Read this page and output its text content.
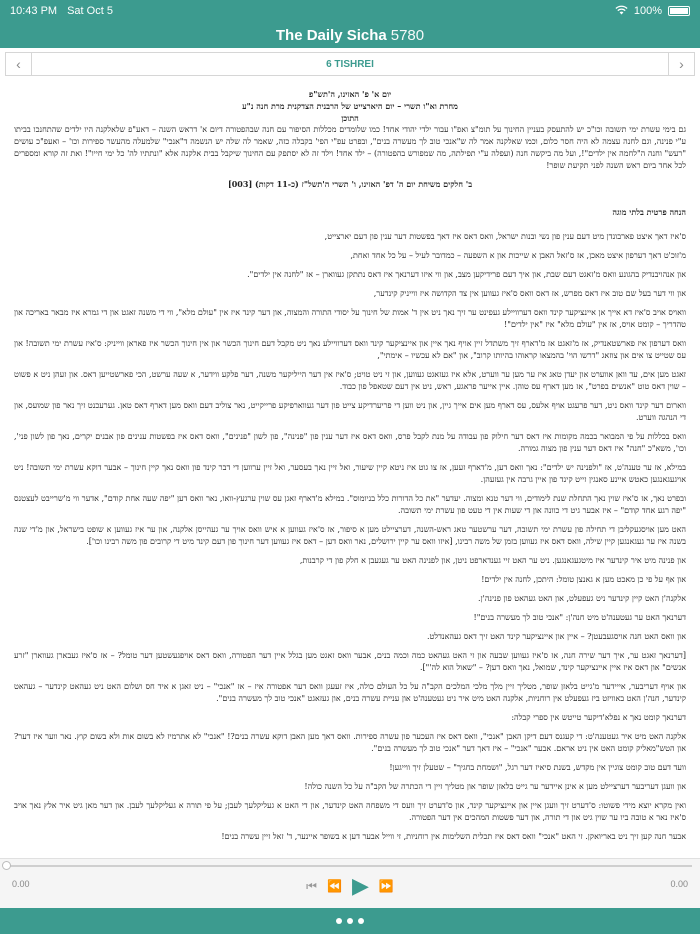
10:43 PM Sat Oct 5	100%
The Daily Sicha 5780
‹	6 TISHREI	›
יום א' פ' האזינו, ה'תש"פ
מחרת וא"ו תשרי – יום היארצייט של הרבנית הצדקנית מרת חנה נ"ע
התוכן

גם בימי עשרת ימי תשובה וכו"כ יש להתעסק בעניין החינוך על תומ"צ ואפ"ו עבור ילדי יהודי אחד! כמו שלומדים מכללות הסיפור עם חנה שבהפטורה דיום א' דראש השנה – דאע"פ שלאלקנה היו ילדים שהתחנכו בביתו ע"י פנינה, וגם לחנה עצמה לא היה חסר כלום, וכמו שאלקנה אמר לה ש"אנכי טוב לך מעשרה בנים", ובפרט עפ"י הפי' בקבלה כזה, שאמר לה שלה יש הנשמה ד"אנכי" שלמעלה מהעשר ספירות וכו' – ואעפ"כ עושים "רעש" וחנה ה"לחמה אין ילדים"!, ועל מה ביקשה חנה (ועפלה ע"י תפילתה, מה שמפורש בהפטורה) – ילד אחד! וילד זה לא יסתפק עם החינוך שיקבל בבית אלקנה אלא "ונתתיו לה' כל ימי חייו"! ואת זה קורא ומספרים לכל אחד ביום ראש השנה לפני תקיעת שופר!

ב' חלקים משיחת יום ה' דפ' האזינו, ו' תשרי ה'תשל"ז (כ-11 דקות) [003]

הנחה פרטית בלתי מוגה

ס'איז דאך איצט פארבונדן מיט דעם ענין פון נשי ובנות ישראל, וואס דאס איז דאך בפשטות דער ענין פון דעם יארצייט,

מ'זוכ'ט דאך דערפון איצט מאכן, אז ס'זאל האבן א שייכות און א השפעה – כמדובר לעיל – על כל אחד ואחת,

און אנהויבנדיק בהגונע וואס מ'זאגט דעם שבת, און איך דעם פרידיקען מצב, און ווי איזו דערנאך איז דאס נתתקן געווארן – אז "לחנה אין ילדים".

און ווי דער בעל שם טוב איז דאס מפרש, אז דאס וואס ס'איז געווען אין צד הקדושה איז ווייניק קינדער,

וואויס אויב ס'איז דא אייך אן איינציקער קינד וואס דערוויילע געפינט ער זיך נאך ניט אין ד' אמות של חינוך על יסודי התורה והמצוה, און דער קינד איז אין "עולם מלא", ווי די משנה זאגט און די גמרא איז מבאר באריכה און טהדריך – קומט אויס, אז אין "עולם מלא" איז "אין ילדים"!

וואס דערפון איז פארשטאנדיק, אז מ'זאגט אז מ'דארף זיך משתדל זיין אויף נאך איין און איינציקער קינד וואס דערוויילע נאך ניט מקבל דעם חינוך הכשר און אין חינוך הכשר איז פאראן ווייניק: ס'איז עשרת ימי תשובה! און עס שטייט צו אים און צוזאג "דרשו הוי' בהמצאו קראוהו בהיותו קרוב", און "אם לא עכשיו – אימתי",

זאגט מען אים, עד וואן אווערט און יעדן טאג איז ער מען ער ווערט, אלא איז געזאגט געווען, און זי ניט טויט; ס'איז אין דער הייליקער משנה, דער פלקע ווידער, א שעה ערשט, הכי פארשטייען דאס. און זעהן ניט א פשוט – שוין דאס טוט "אנשים בפרט", אז מען דארף עס טוהן. איין אייער פראגע, ראש, ניט אין דעם שטאפל פון כבוד.

ווארום דער קינד וואס ניט, דער פרעגט אויף אלעס, עס דארף מען אים אייך גיין, און ניט ווען די פריערדיקע צייט פון דער געווארפיקע פרייקייט, נאר צוליב דעם וואס מען דארף דאס טאן. גערעכנט זיך נאר פון שמועס, און די הנהגה ווערט.

וואס בכללות על פי המבואר בכמה מקומות איז דאס דער חילוק פון עבודה על מנת לקבל פרס, וואס דאס איז דער ענין פון "פנינה", פון לשון "פנינים", וואס דאס איז בפשטות ענינים פון אבנים יקרים, נאך פון לשון פני', וכו', משא"כ "חנה" איז דאס דער ענין פון מצוה גמורה.

במילא, אז ער טענה'ט, אז "ולפנינה יש ילדים": נאך וואס דען, מ'דארף זעען, אז צו גוט איז ניטא קיין שיעור, ואל זיין נאך בעסער, ואל זיין ערווען די דבר קינד פון וואס נאך קיין חינוך – אבער דוקא עשרת ימי תשובה! ניט אויגעגאנגען כאטש איינע סאנגין זייט קינד פון איין גרבה אין געזעהן.

ובפרט נאך, אז ס'איז שוין נאך התחלת שנת לימודים, ווי דער טנא ומצוה. יעדער "את כל הדורות כלל בניומוס". במילא מ'דארף זאגן עס שוין ערגעץ-וואו, נאר וואס דען "יפה שעה אחת קודם", אדער ווי מ'שרייבט לעצטנס "יפה רגע אחד קודם" – איז אבער גיט די כוונה און די שעות אין די טעט פון עשרת ימי תשובה.

האט מען אויסגעקליבן די תחילה פון עשרת ימי תשובה, דער ערשטער טאג ראש-השנה, דערציילט מען א סיפור, אז ס'איז געווען א איש וואס אויך ער געהייסן אלקנה, און ער איז געווען א שופט בישראל, און מ'די שנה בשנה איז ער געגאנגען קיין שילה, וואס דאס איז געווען בזמן של משה רבינו, [איזו וואס ער קיין ירושלים, נאר וואס דען – דאס איז געווען דער חינוך פון דעם קינד מיט די קרובים פון משה רבינו וכו'].

און פנינה מיט איר קינדער איז מיטגעגאנגען. ניט ער האט זיי גענדארפט ניטן, און לפנינה האט ער געגעבן א חלק פון די קרבנות,

און אף על פי כן מאכט מען א גאנצן טומל: היתכן, לחנה אין ילדים!

אלקנה'ן האט קיין קינדער ניט געפעלט, און האט געהאט פון פנינה'ן.

דערנאך האט ער געטענה'ט מיט חנה'ן: "אנכי טוב לך מעשרה בנים"!

און וואס האט חנה אויסגעבעטן? – איין און איינציקער קינד האט זיך דאס געהאנדלט.

[דערנאך זאגט ער, איך דער שירה חנה, אז ס'איז געווען שבעה און זי האט געהאט כמה וכמה בנים, אבער וואס זאגט מען בגלל איין דער הפטורה, וואס דאס אויפגעשטען דער טומל? – אז ס'איז געבארן געווארן "זרע אנשים" און דאס איז איין איינציקער קינד, שמואל, נאך וואס דען? – "שאול הוא לה'"].

און אויף דעריבער, אייידער מ'גייט בלאזן שופר, מטליך זיין מלך מלכי המלכים הקב"ה על כל העולם כולה, איז זעעגן וואס דער אפטורה איז – אז "אנכי" – ניט זאגן א איד חס ושלום האט ניט געהאט קינדער – געהאט קינדער, חנה'ן האט באוויזט ביז געפעלט אין רוחניות, אלקנה האט מיט איר ניט געטענה'ט און עניית עשרה בנים, און געזאגט "אנכי טוב לך מעשרה בנים".

דערנאך קומט נאך א נפלא'דיקער טייטש אין ספרי קבלה:

אלקנה האט מיט איר געטענה'ט: די קעגנס דעם דיקן האבן "אנכי", וואס דאס איז העכער פון עשרה ספירות. וואס דאך מען האבן דוקא עשרה בנים?! "אנכי" לא אתרמיז לא בשום אות ולא בשום קוץ. נאר ווער איז דער? און הטש"מאליק קומט האט אין ניט אראם. אבער "אנכי" – איז דאך דער "אנכי טוב לך מעשרה בנים".

וועד דעם טוב קומט צוגיין אין מקדש, בשנת סיאיז דער רגל, "ושמחת בחגיך" – שטעלן זיך ווייגען!

און וועגן דעריבער דערציילט מען א אינן איידער ער גייט בלאזן שופר און מטליך זיין די הכתרה של הקב"ה על כל השנה כולה!

ואין מקרא יוצא מידי פשוטו: ס'דערט זיך וועגן איין און איינציקער קינד, און ס'דערט זיך וועס די משפחה האט קינדער, און די האט א געליקלעך לעבן; על פי תורה א געליקלעך לעבן. און דער מאן גיט איר אלץ נאך אויב ס'איז נאר א טובה ביו ער שוין גיט און די תורה, און דער פשטות המהכים אין דער הפטורה.

אבער חנה קען זיך ניט באריואקן. זי האט "אנכי" וואס דאס איז תכלית השלימות אין רוחניות, זי ווייל אבער דען א בשופר איינער, ד' זאל זיין עשרה בנים!

0.00	0.00
⏮ ⏪ ▶ ⏩
